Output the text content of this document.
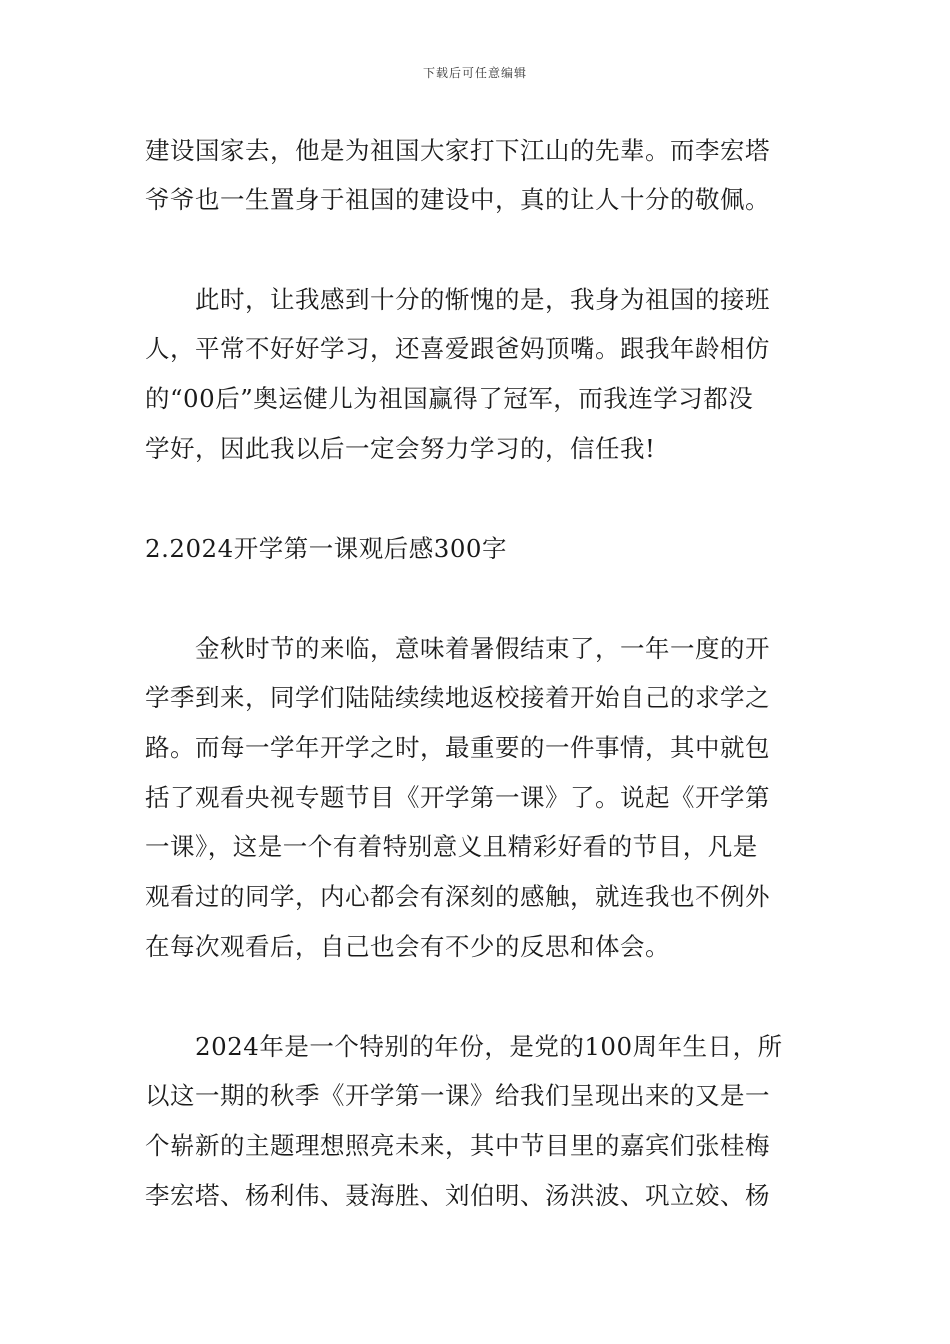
下载后可任意编辑
建设国家去，他是为祖国大家打下江山的先辈。而李宏塔
爷爷也一生置身于祖国的建设中，真的让人十分的敬佩。
　　此时，让我感到十分的惭愧的是，我身为祖国的接班
人，平常不好好学习，还喜爱跟爸妈顶嘴。跟我年龄相仿
的“00后”奥运健儿为祖国赢得了冠军，而我连学习都没
学好，因此我以后一定会努力学习的，信任我!
2.2024开学第一课观后感300字
　　金秋时节的来临，意味着暑假结束了，一年一度的开
学季到来，同学们陆陆续续地返校接着开始自己的求学之
路。而每一学年开学之时，最重要的一件事情，其中就包
括了观看央视专题节目《开学第一课》了。说起《开学第
一课》，这是一个有着特别意义且精彩好看的节目，凡是
观看过的同学，内心都会有深刻的感触，就连我也不例外
在每次观看后，自己也会有不少的反思和体会。
　　2024年是一个特别的年份，是党的100周年生日，所
以这一期的秋季《开学第一课》给我们呈现出来的又是一
个崭新的主题理想照亮未来，其中节目里的嘉宾们张桂梅
李宏塔、杨利伟、聂海胜、刘伯明、汤洪波、巩立姣、杨
